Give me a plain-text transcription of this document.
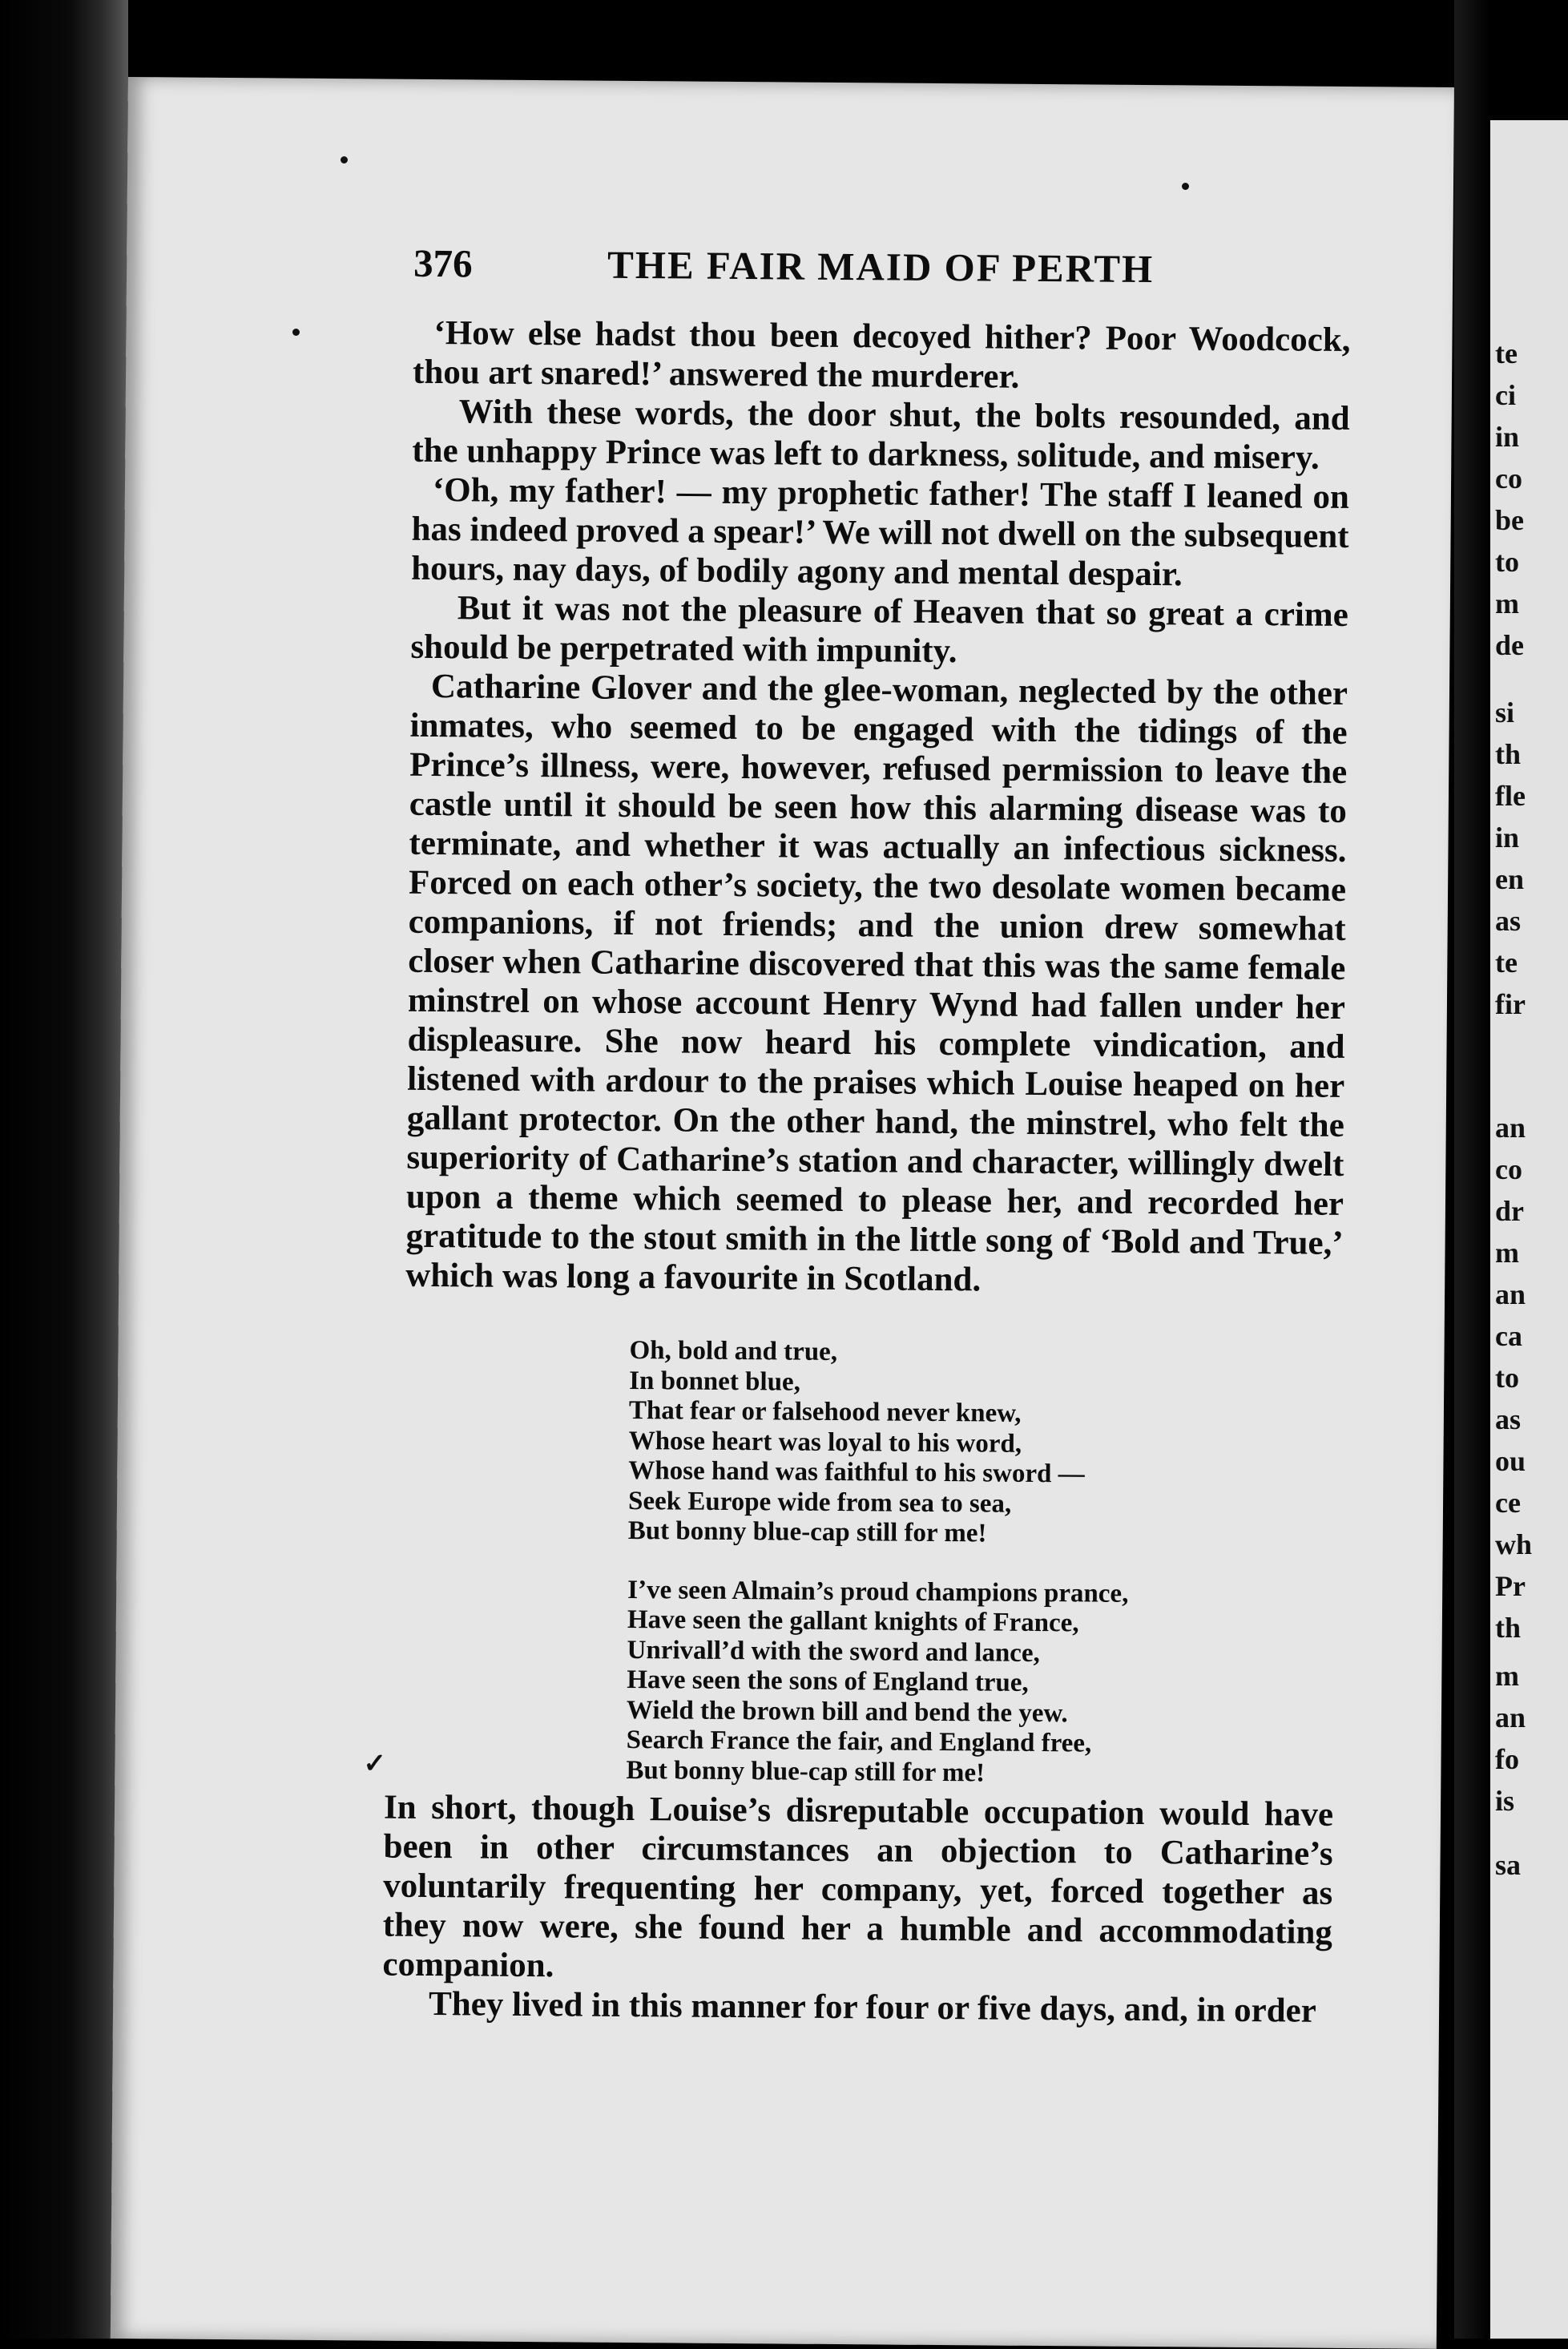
376	THE FAIR MAID OF PERTH

‘How else hadst thou been decoyed hither? Poor Woodcock, thou art snared!’ answered the murderer.

With these words, the door shut, the bolts resounded, and the unhappy Prince was left to darkness, solitude, and misery.

‘Oh, my father! — my prophetic father! The staff I leaned on has indeed proved a spear!’ We will not dwell on the subsequent hours, nay days, of bodily agony and mental despair.

But it was not the pleasure of Heaven that so great a crime should be perpetrated with impunity.

Catharine Glover and the glee-woman, neglected by the other inmates, who seemed to be engaged with the tidings of the Prince’s illness, were, however, refused permission to leave the castle until it should be seen how this alarming disease was to terminate, and whether it was actually an infectious sickness. Forced on each other’s society, the two desolate women became companions, if not friends; and the union drew somewhat closer when Catharine discovered that this was the same female minstrel on whose account Henry Wynd had fallen under her displeasure. She now heard his complete vindication, and listened with ardour to the praises which Louise heaped on her gallant protector. On the other hand, the minstrel, who felt the superiority of Catharine’s station and character, willingly dwelt upon a theme which seemed to please her, and recorded her gratitude to the stout smith in the little song of ‘Bold and True,’ which was long a favourite in Scotland.

Oh, bold and true,
In bonnet blue,
That fear or falsehood never knew,
Whose heart was loyal to his word,
Whose hand was faithful to his sword —
Seek Europe wide from sea to sea,
But bonny blue-cap still for me!
I’ve seen Almain’s proud champions prance,
Have seen the gallant knights of France,
Unrivall’d with the sword and lance,
Have seen the sons of England true,
Wield the brown bill and bend the yew.
Search France the fair, and England free,
But bonny blue-cap still for me!

In short, though Louise’s disreputable occupation would have been in other circumstances an objection to Catharine’s voluntarily frequenting her company, yet, forced together as they now were, she found her a humble and accommodating companion.

They lived in this manner for four or five days, and, in order

✓
te
ci
in
co
be
to
m
de
si
th
fle
in
en
as
te
fir
an
co
dr
m
an
ca
to
as
ou
ce
wh
Pr
th
m
an
fo
is
sa
